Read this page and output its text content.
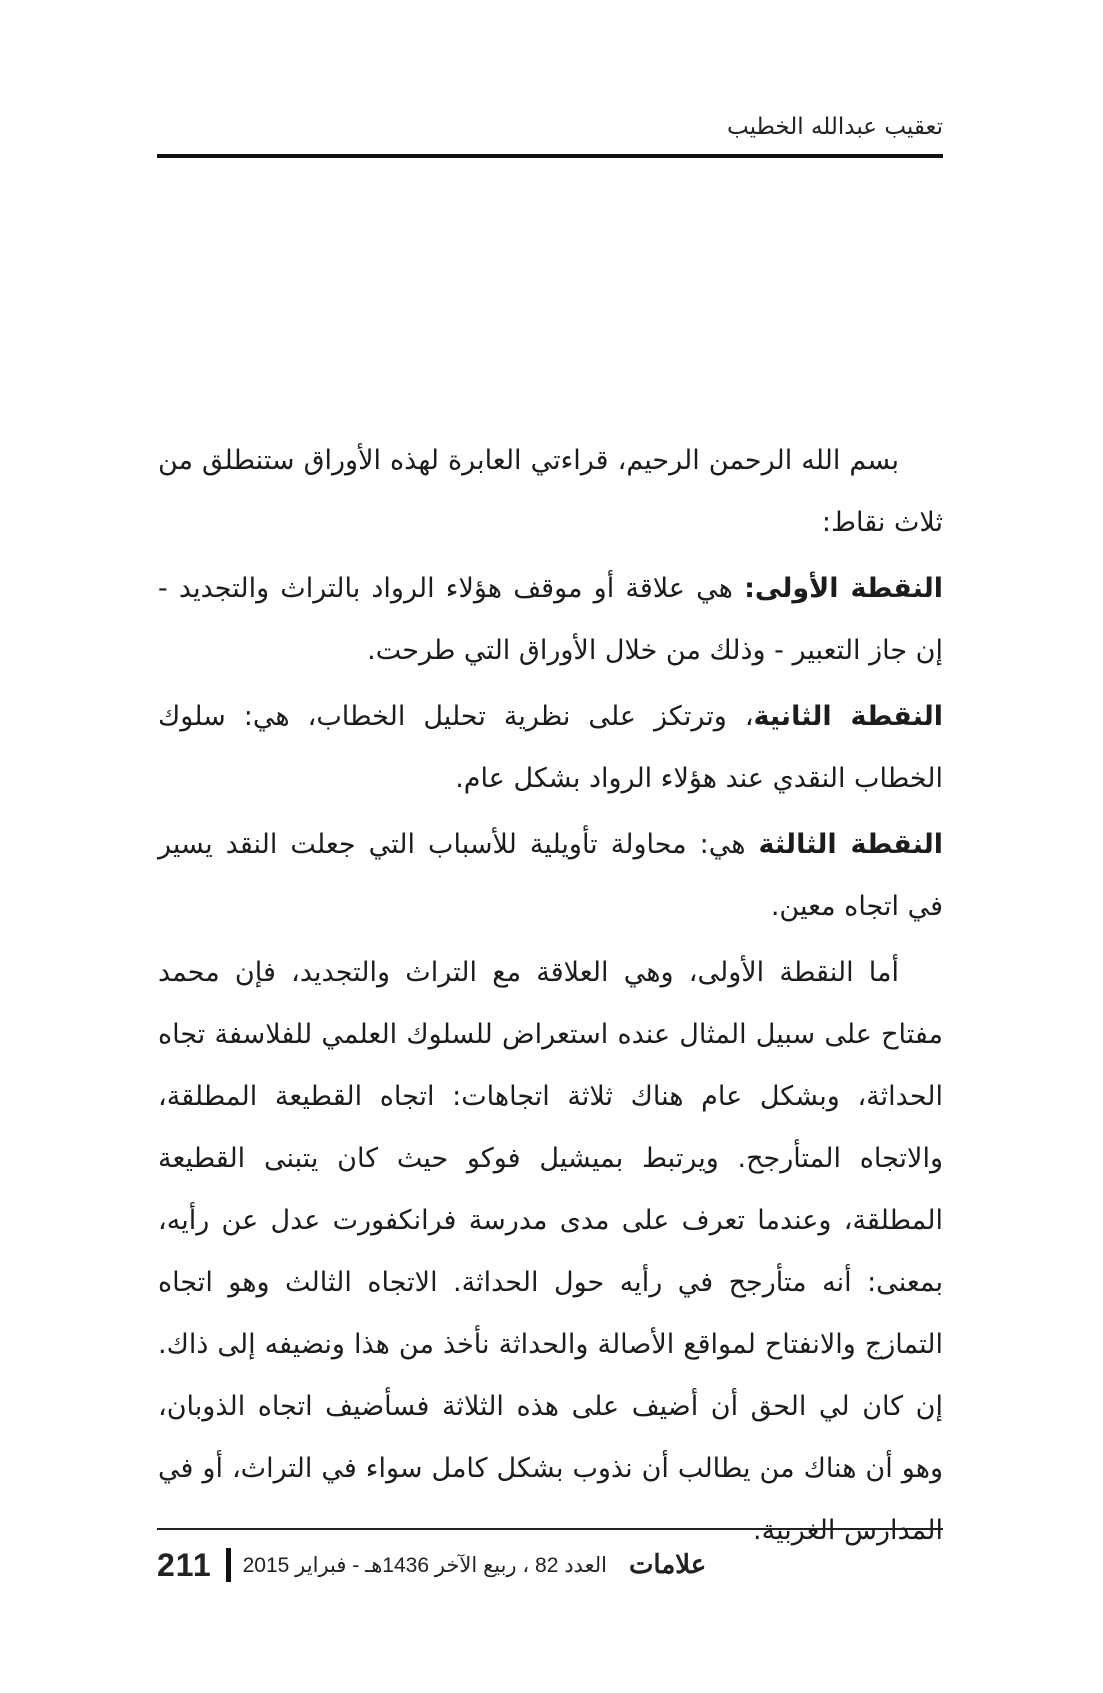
تعقيب عبدالله الخطيب

بسم الله الرحمن الرحيم، قراءتي العابرة لهذه الأوراق ستنطلق من ثلاث نقاط:

النقطة الأولى: هي علاقة أو موقف هؤلاء الرواد بالتراث والتجديد - إن جاز التعبير - وذلك من خلال الأوراق التي طرحت.

النقطة الثانية، وترتكز على نظرية تحليل الخطاب، هي: سلوك الخطاب النقدي عند هؤلاء الرواد بشكل عام.

النقطة الثالثة هي: محاولة تأويلية للأسباب التي جعلت النقد يسير في اتجاه معين.

أما النقطة الأولى، وهي العلاقة مع التراث والتجديد، فإن محمد مفتاح على سبيل المثال عنده استعراض للسلوك العلمي للفلاسفة تجاه الحداثة، وبشكل عام هناك ثلاثة اتجاهات: اتجاه القطيعة المطلقة، والاتجاه المتأرجح. ويرتبط بميشيل فوكو حيث كان يتبنى القطيعة المطلقة، وعندما تعرف على مدى مدرسة فرانكفورت عدل عن رأيه، بمعنى: أنه متأرجح في رأيه حول الحداثة. الاتجاه الثالث وهو اتجاه التمازج والانفتاح لمواقع الأصالة والحداثة نأخذ من هذا ونضيفه إلى ذاك. إن كان لي الحق أن أضيف على هذه الثلاثة فسأضيف اتجاه الذوبان، وهو أن هناك من يطالب أن نذوب بشكل كامل سواء في التراث، أو في المدارس الغربية.

211 العدد 82 ، ربيع الآخر 1436هـ - فبراير 2015 علامات
